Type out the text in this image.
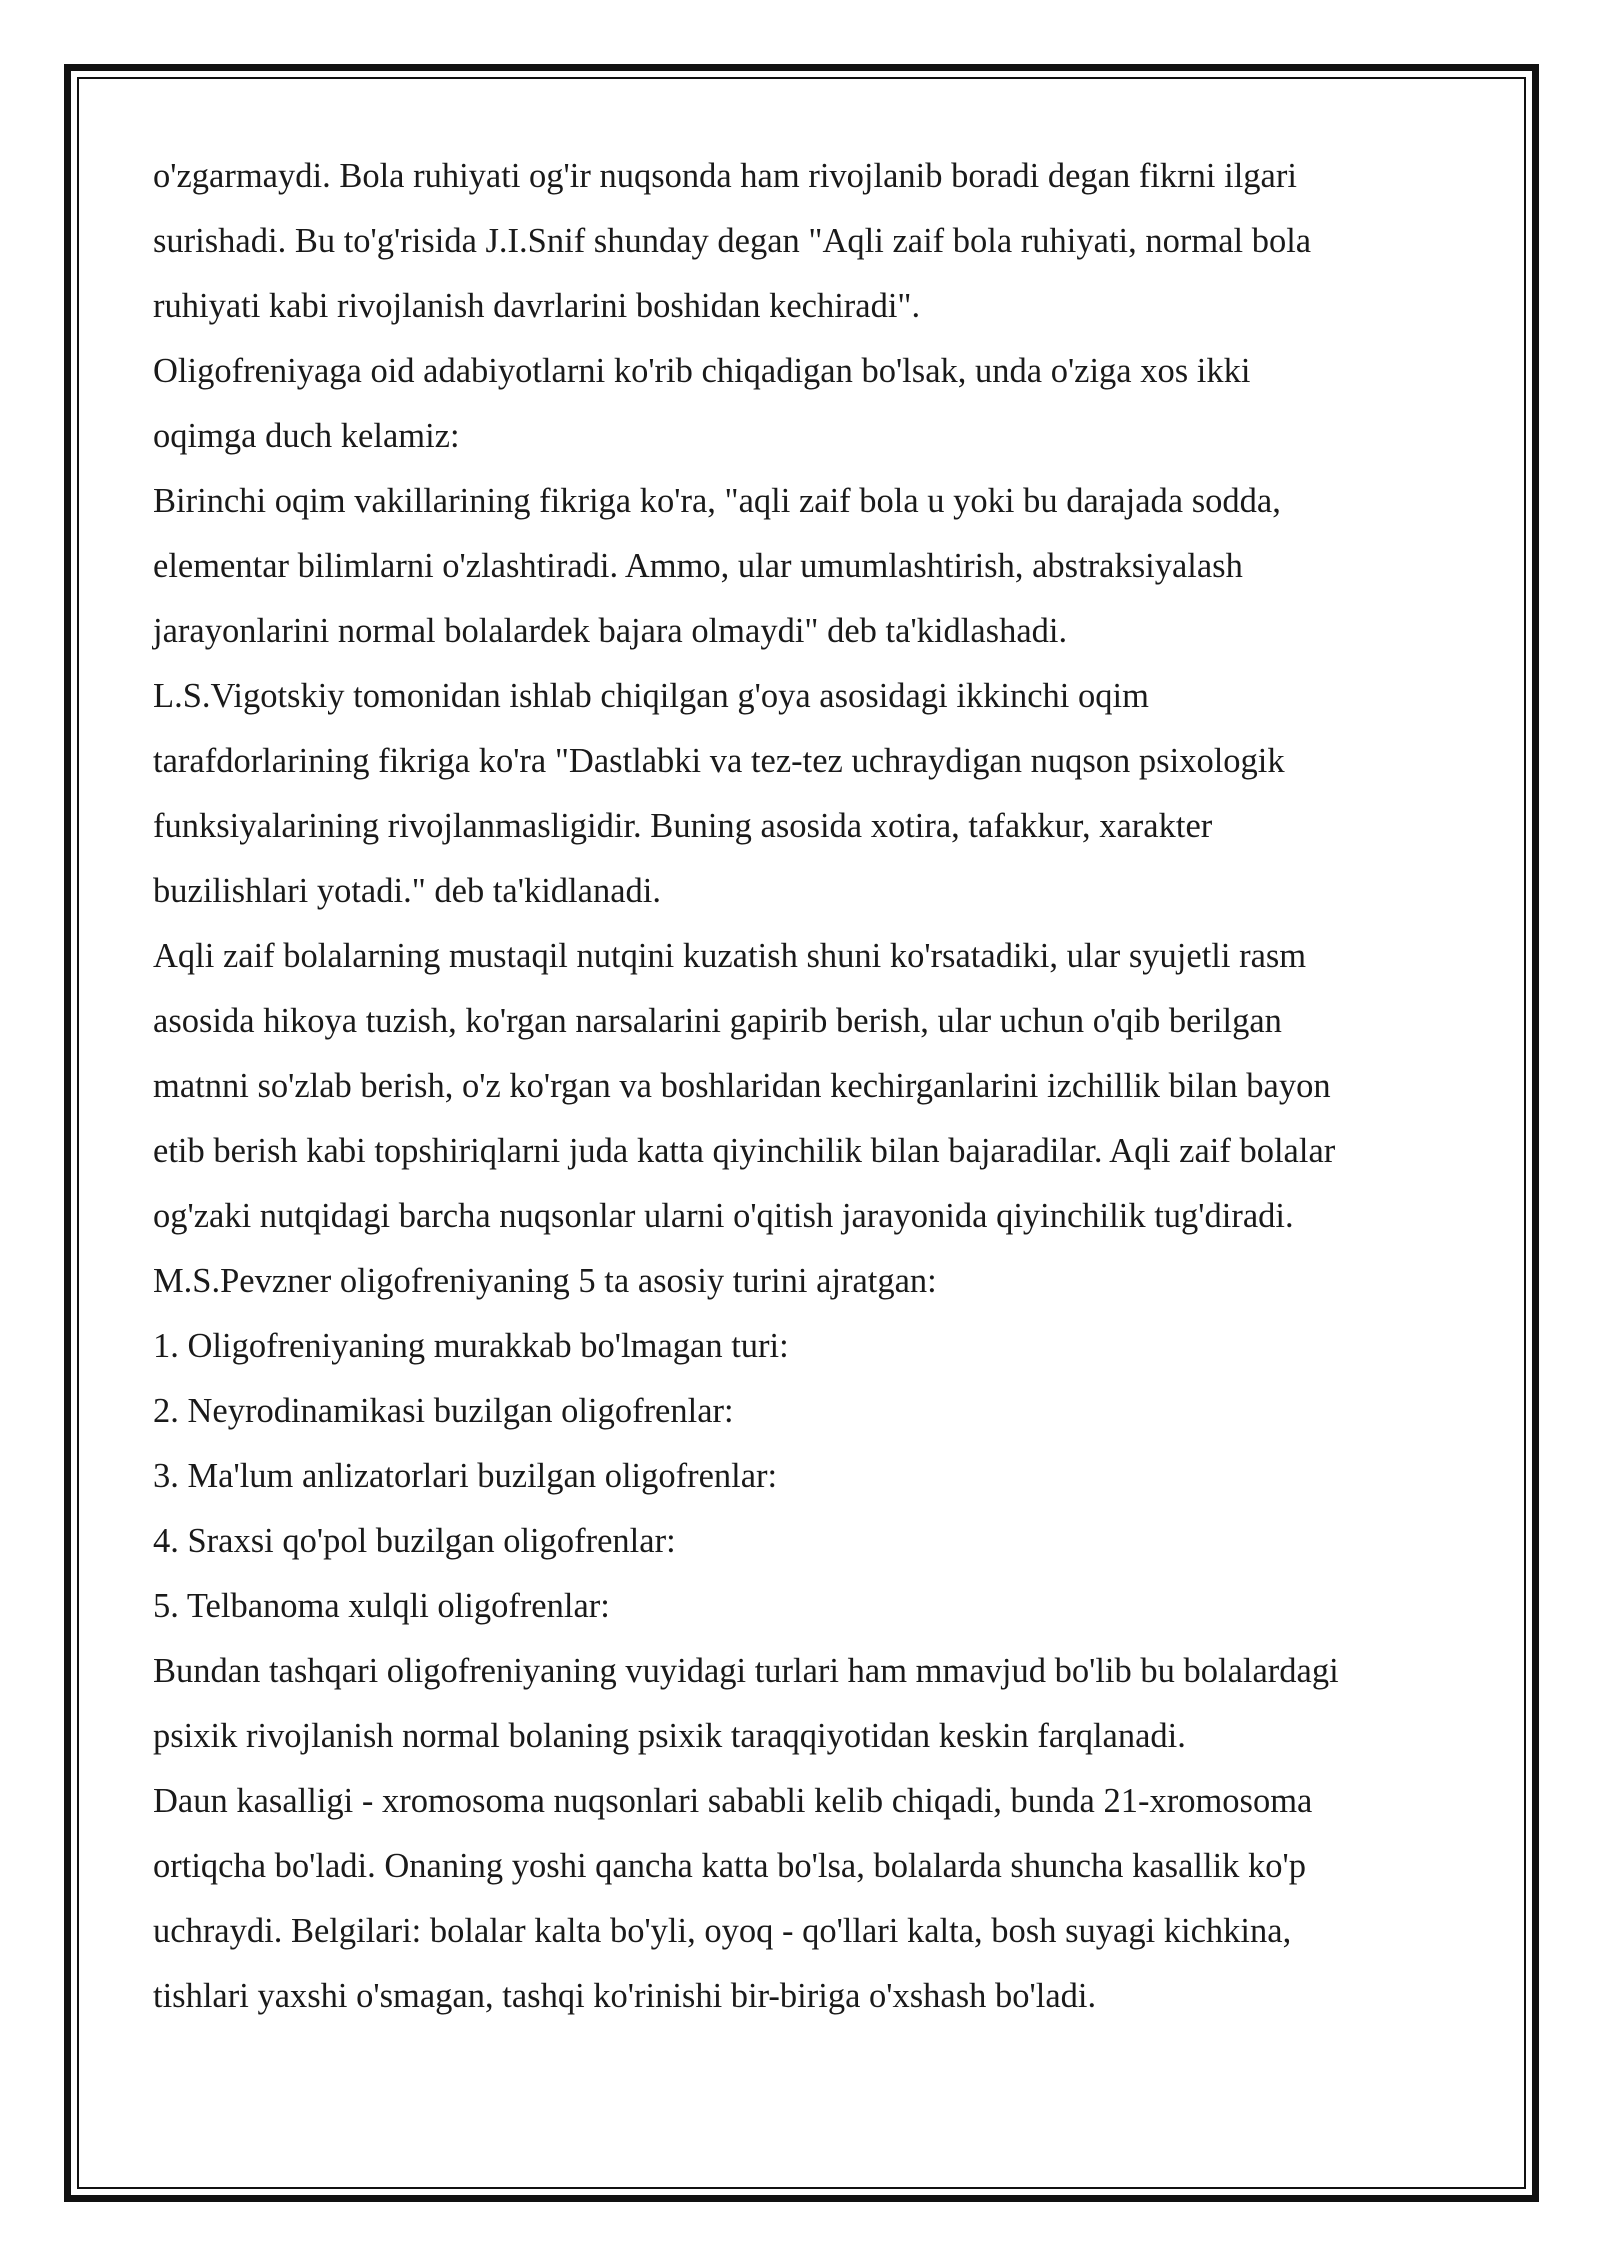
o'zgarmaydi. Bola ruhiyati og'ir nuqsonda ham rivojlanib boradi degan fikrni ilgari

surishadi. Bu to'g'risida J.I.Snif shunday degan "Aqli zaif bola ruhiyati, normal bola

ruhiyati kabi rivojlanish davrlarini boshidan kechiradi".

Oligofreniyaga oid adabiyotlarni ko'rib chiqadigan bo'lsak, unda o'ziga xos ikki

oqimga duch kelamiz:

Birinchi oqim vakillarining fikriga ko'ra, "aqli zaif bola u yoki bu darajada sodda,

elementar bilimlarni o'zlashtiradi. Ammo, ular umumlashtirish, abstraksiyalash

jarayonlarini normal bolalardek bajara olmaydi" deb ta'kidlashadi.

L.S.Vigotskiy tomonidan ishlab chiqilgan g'oya asosidagi ikkinchi oqim

tarafdorlarining fikriga ko'ra "Dastlabki va tez-tez uchraydigan nuqson psixologik

funksiyalarining rivojlanmasligidir. Buning asosida xotira, tafakkur, xarakter

buzilishlari yotadi." deb ta'kidlanadi.

Aqli zaif bolalarning mustaqil nutqini kuzatish shuni ko'rsatadiki, ular syujetli rasm

asosida hikoya tuzish, ko'rgan narsalarini gapirib berish, ular uchun o'qib berilgan

matnni so'zlab berish, o'z ko'rgan va boshlaridan kechirganlarini izchillik bilan bayon

etib berish kabi topshiriqlarni juda katta qiyinchilik bilan bajaradilar. Aqli zaif bolalar

og'zaki nutqidagi barcha nuqsonlar ularni o'qitish jarayonida qiyinchilik tug'diradi.

M.S.Pevzner oligofreniyaning 5 ta asosiy turini ajratgan:

1. Oligofreniyaning murakkab bo'lmagan turi:

2. Neyrodinamikasi buzilgan oligofrenlar:

3. Ma'lum anlizatorlari buzilgan oligofrenlar:

4. Sraxsi qo'pol buzilgan oligofrenlar:

5. Telbanoma xulqli oligofrenlar:

Bundan tashqari oligofreniyaning vuyidagi turlari ham mmavjud bo'lib bu bolalardagi

psixik rivojlanish normal bolaning psixik taraqqiyotidan keskin farqlanadi.

Daun kasalligi - xromosoma nuqsonlari sababli kelib chiqadi, bunda 21-xromosoma

ortiqcha bo'ladi. Onaning yoshi qancha katta bo'lsa, bolalarda shuncha kasallik ko'p

uchraydi. Belgilari: bolalar kalta bo'yli, oyoq - qo'llari kalta, bosh suyagi kichkina,

tishlari yaxshi o'smagan, tashqi ko'rinishi bir-biriga o'xshash bo'ladi.
